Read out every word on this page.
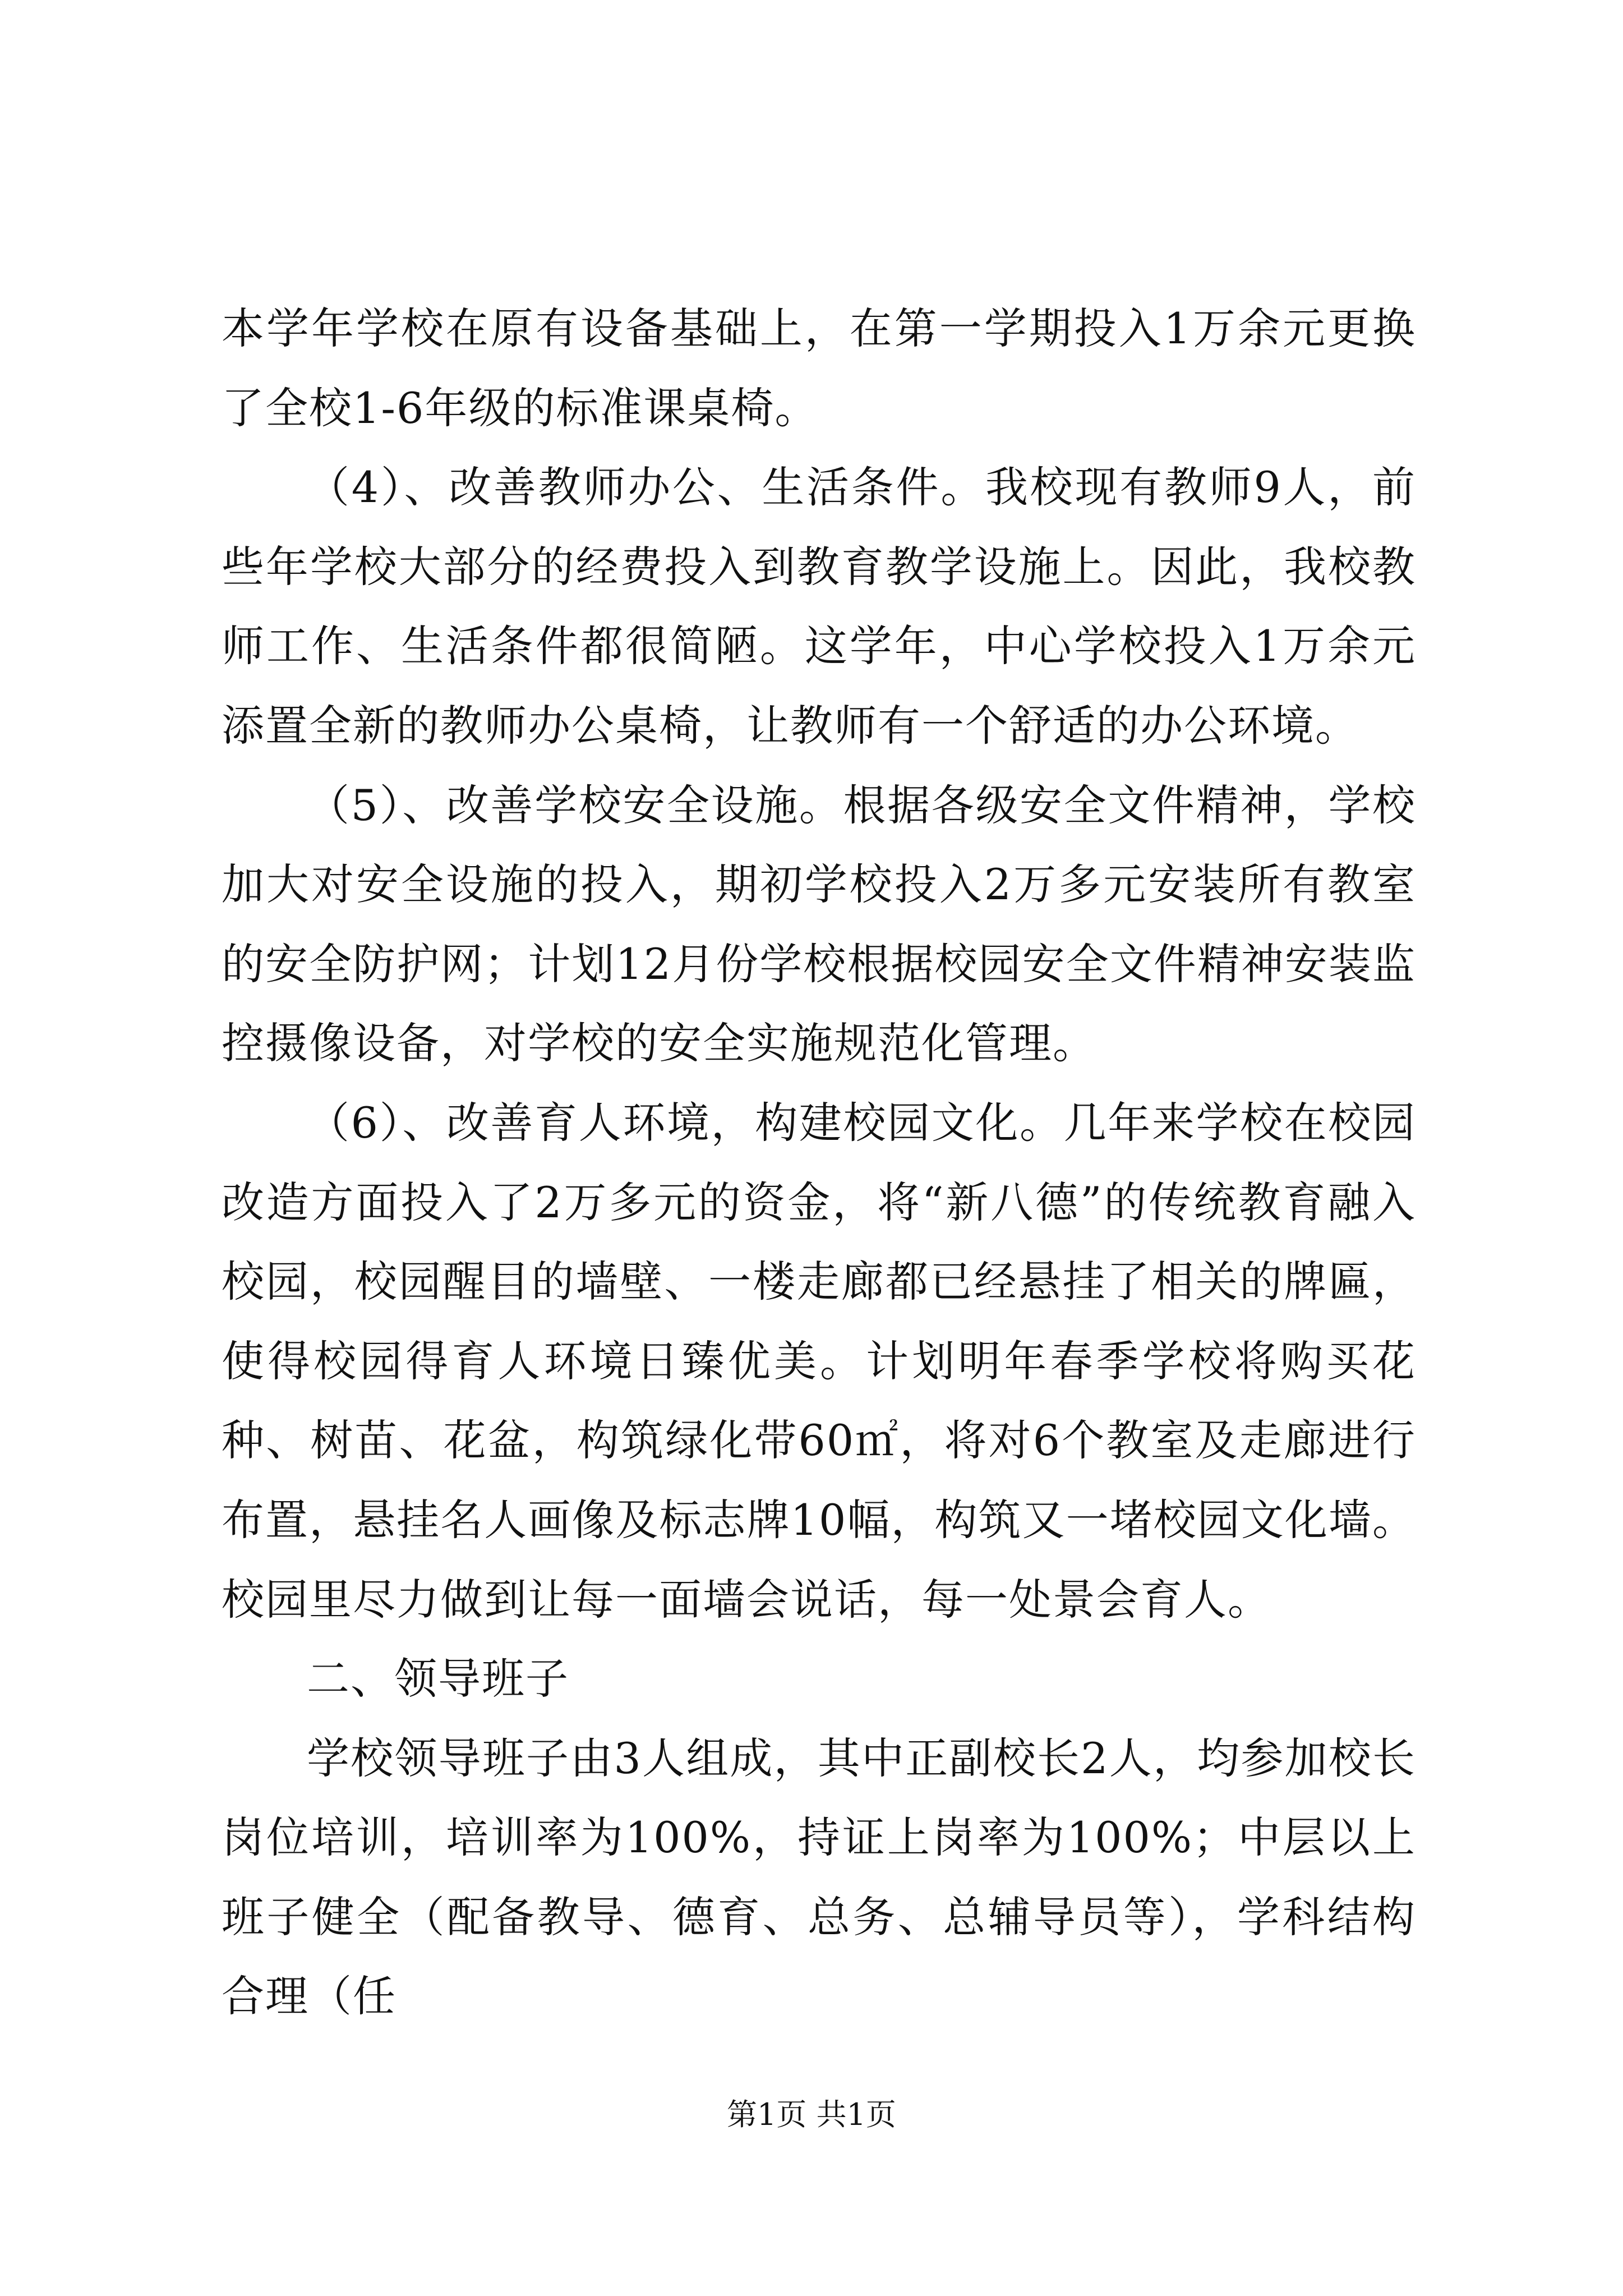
本学年学校在原有设备基础上，在第一学期投入1万余元更换了全校1-6年级的标准课桌椅。

（4）、改善教师办公、生活条件。我校现有教师9人，前些年学校大部分的经费投入到教育教学设施上。因此，我校教师工作、生活条件都很简陋。这学年，中心学校投入1万余元添置全新的教师办公桌椅，让教师有一个舒适的办公环境。

（5）、改善学校安全设施。根据各级安全文件精神，学校加大对安全设施的投入，期初学校投入2万多元安装所有教室的安全防护网；计划12月份学校根据校园安全文件精神安装监控摄像设备，对学校的安全实施规范化管理。

（6）、改善育人环境，构建校园文化。几年来学校在校园改造方面投入了2万多元的资金，将“新八德”的传统教育融入校园，校园醒目的墙壁、一楼走廊都已经悬挂了相关的牌匾，使得校园得育人环境日臻优美。计划明年春季学校将购买花种、树苗、花盆，构筑绿化带60㎡，将对6个教室及走廊进行布置，悬挂名人画像及标志牌10幅，构筑又一堵校园文化墙。校园里尽力做到让每一面墙会说话，每一处景会育人。

二、领导班子

学校领导班子由3人组成，其中正副校长2人，均参加校长岗位培训，培训率为100%，持证上岗率为100%；中层以上班子健全（配备教导、德育、总务、总辅导员等），学科结构合理（任

第1页 共1页
